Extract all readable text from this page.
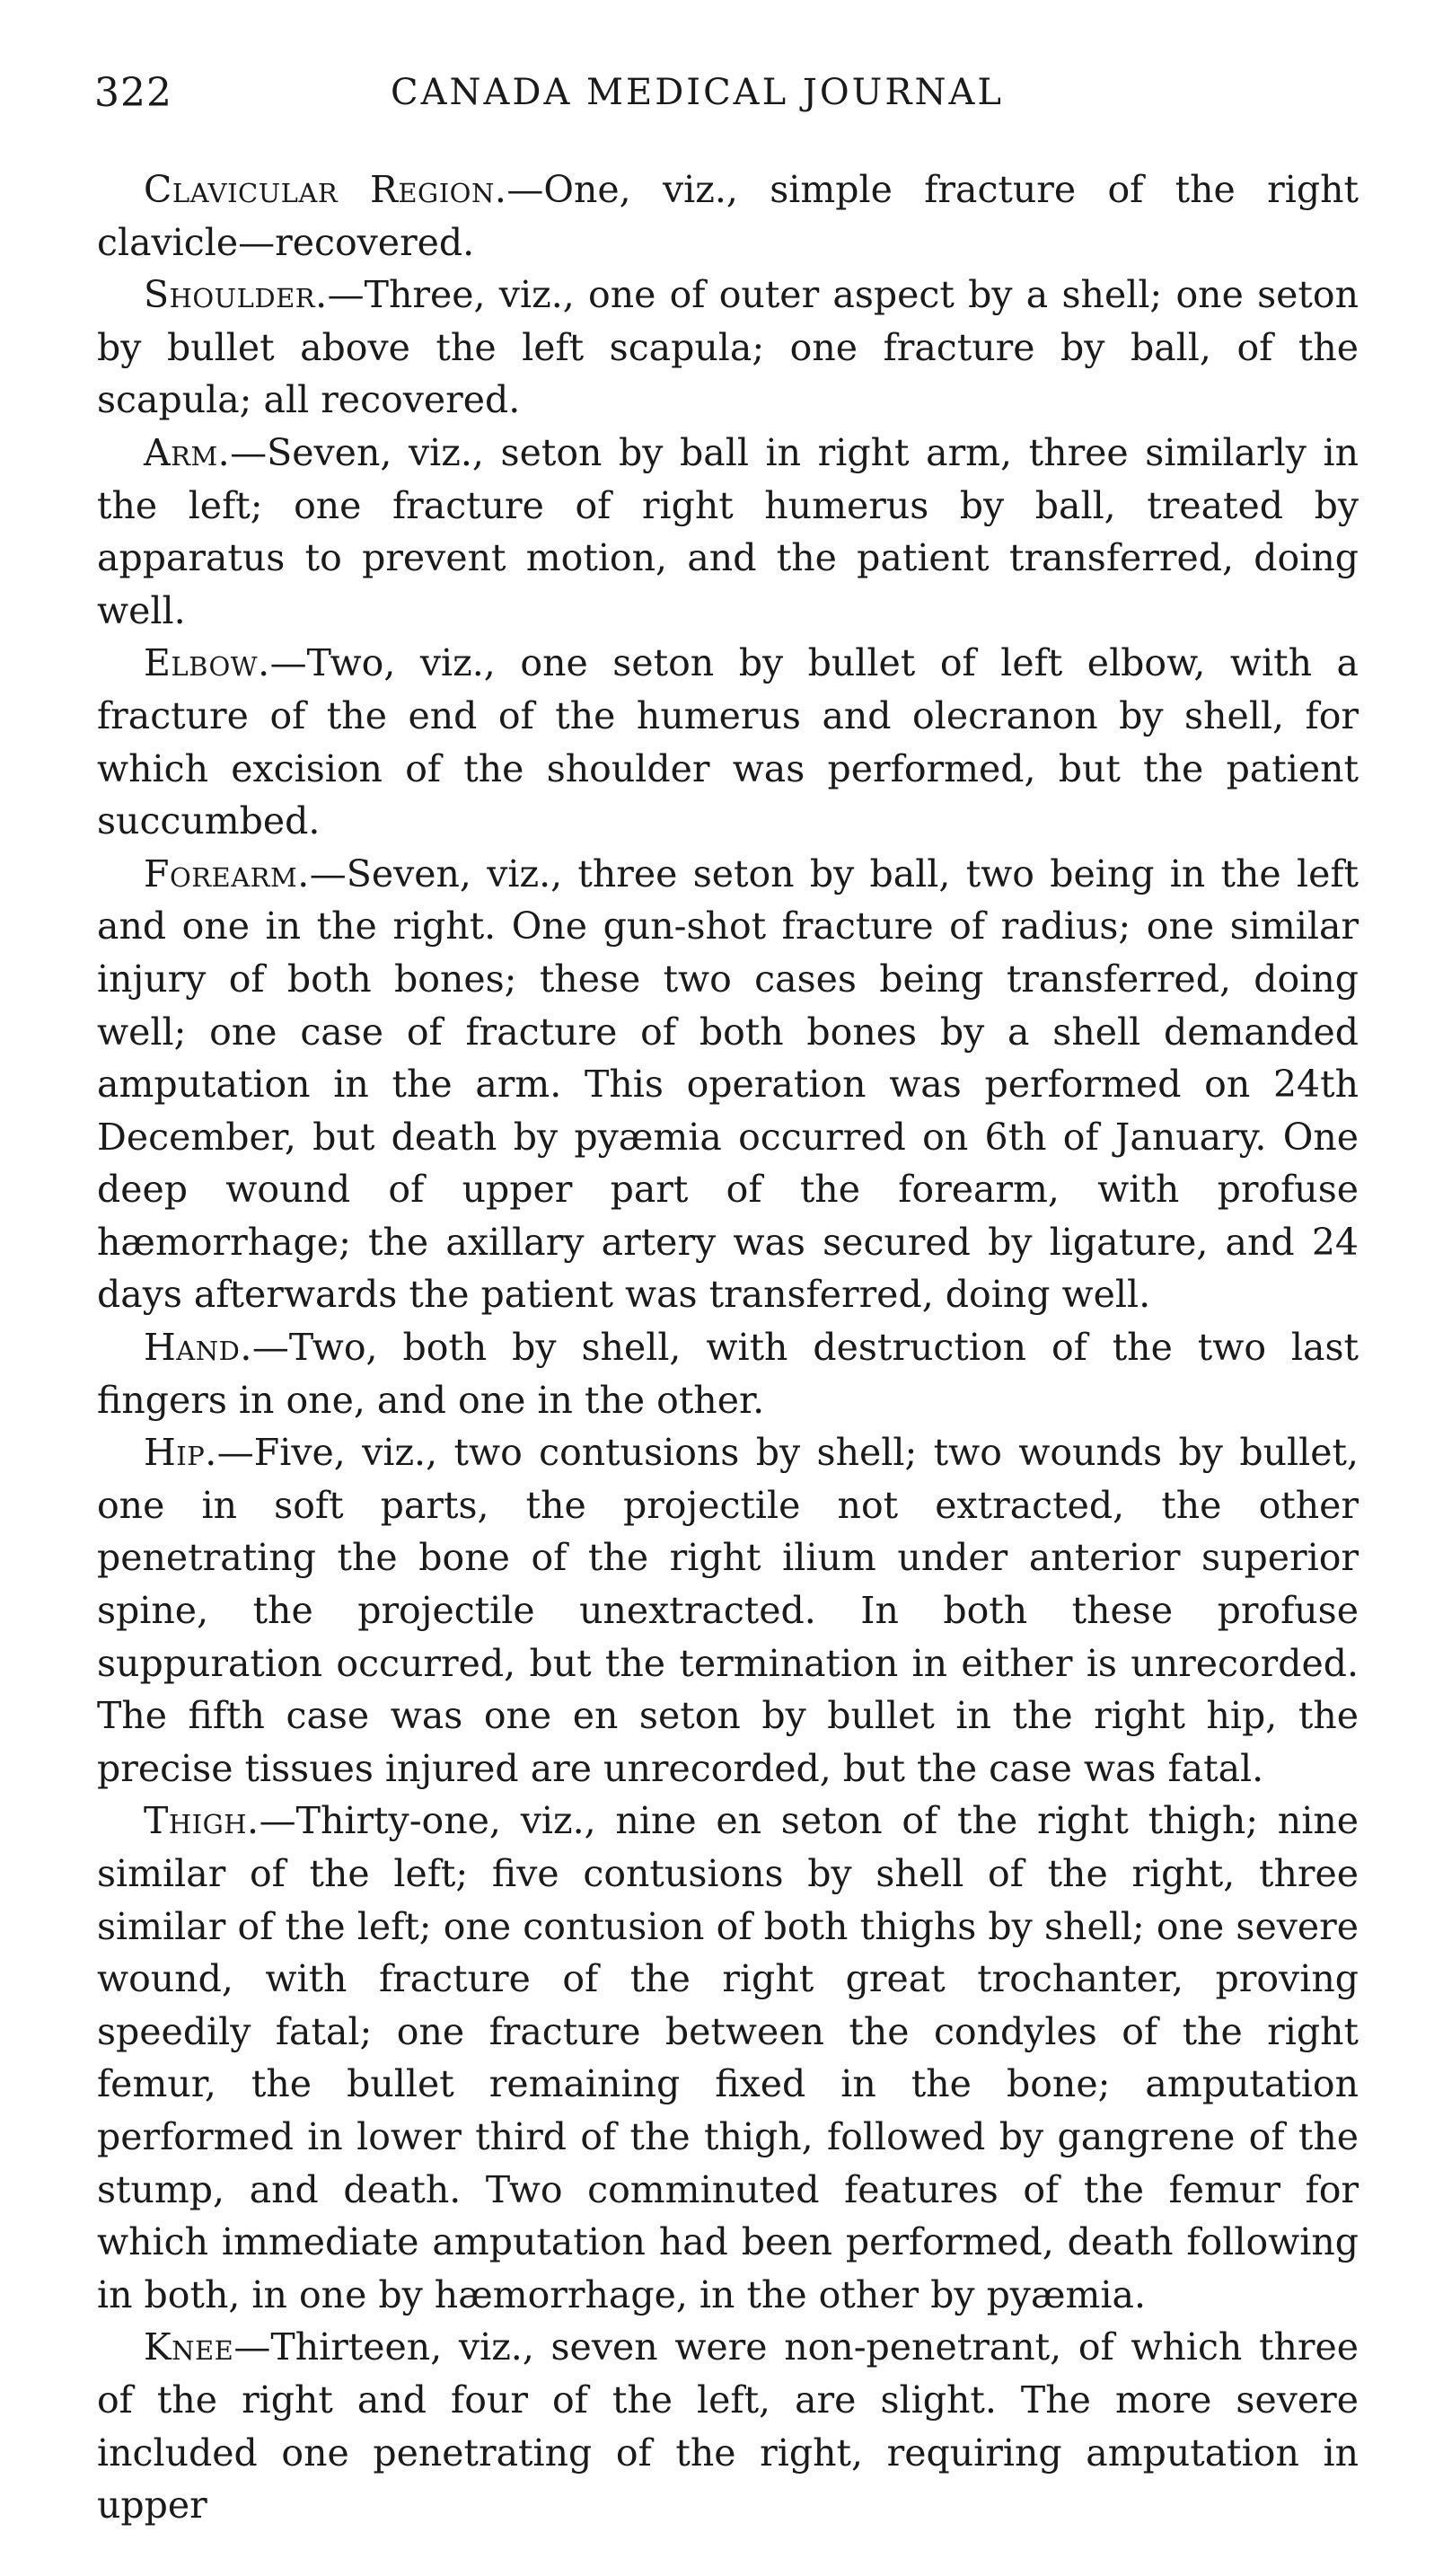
322	CANADA MEDICAL JOURNAL

Clavicular Region.—One, viz., simple fracture of the right clavicle—recovered.

Shoulder.—Three, viz., one of outer aspect by a shell; one seton by bullet above the left scapula; one fracture by ball, of the scapula; all recovered.

Arm.—Seven, viz., seton by ball in right arm, three similarly in the left; one fracture of right humerus by ball, treated by apparatus to prevent motion, and the patient transferred, doing well.

Elbow.—Two, viz., one seton by bullet of left elbow, with a fracture of the end of the humerus and olecranon by shell, for which excision of the shoulder was performed, but the patient succumbed.

Forearm.—Seven, viz., three seton by ball, two being in the left and one in the right. One gun-shot fracture of radius; one similar injury of both bones; these two cases being transferred, doing well; one case of fracture of both bones by a shell demanded amputation in the arm. This operation was performed on 24th December, but death by pyæmia occurred on 6th of January. One deep wound of upper part of the forearm, with profuse hæmorrhage; the axillary artery was secured by ligature, and 24 days afterwards the patient was transferred, doing well.

Hand.—Two, both by shell, with destruction of the two last fingers in one, and one in the other.

Hip.—Five, viz., two contusions by shell; two wounds by bullet, one in soft parts, the projectile not extracted, the other penetrating the bone of the right ilium under anterior superior spine, the projectile unextracted. In both these profuse suppuration occurred, but the termination in either is unrecorded. The fifth case was one en seton by bullet in the right hip, the precise tissues injured are unrecorded, but the case was fatal.

Thigh.—Thirty-one, viz., nine en seton of the right thigh; nine similar of the left; five contusions by shell of the right, three similar of the left; one contusion of both thighs by shell; one severe wound, with fracture of the right great trochanter, proving speedily fatal; one fracture between the condyles of the right femur, the bullet remaining fixed in the bone; amputation performed in lower third of the thigh, followed by gangrene of the stump, and death. Two comminuted features of the femur for which immediate amputation had been performed, death following in both, in one by hæmorrhage, in the other by pyæmia.

Knee—Thirteen, viz., seven were non-penetrant, of which three of the right and four of the left, are slight. The more severe included one penetrating of the right, requiring amputation in upper
